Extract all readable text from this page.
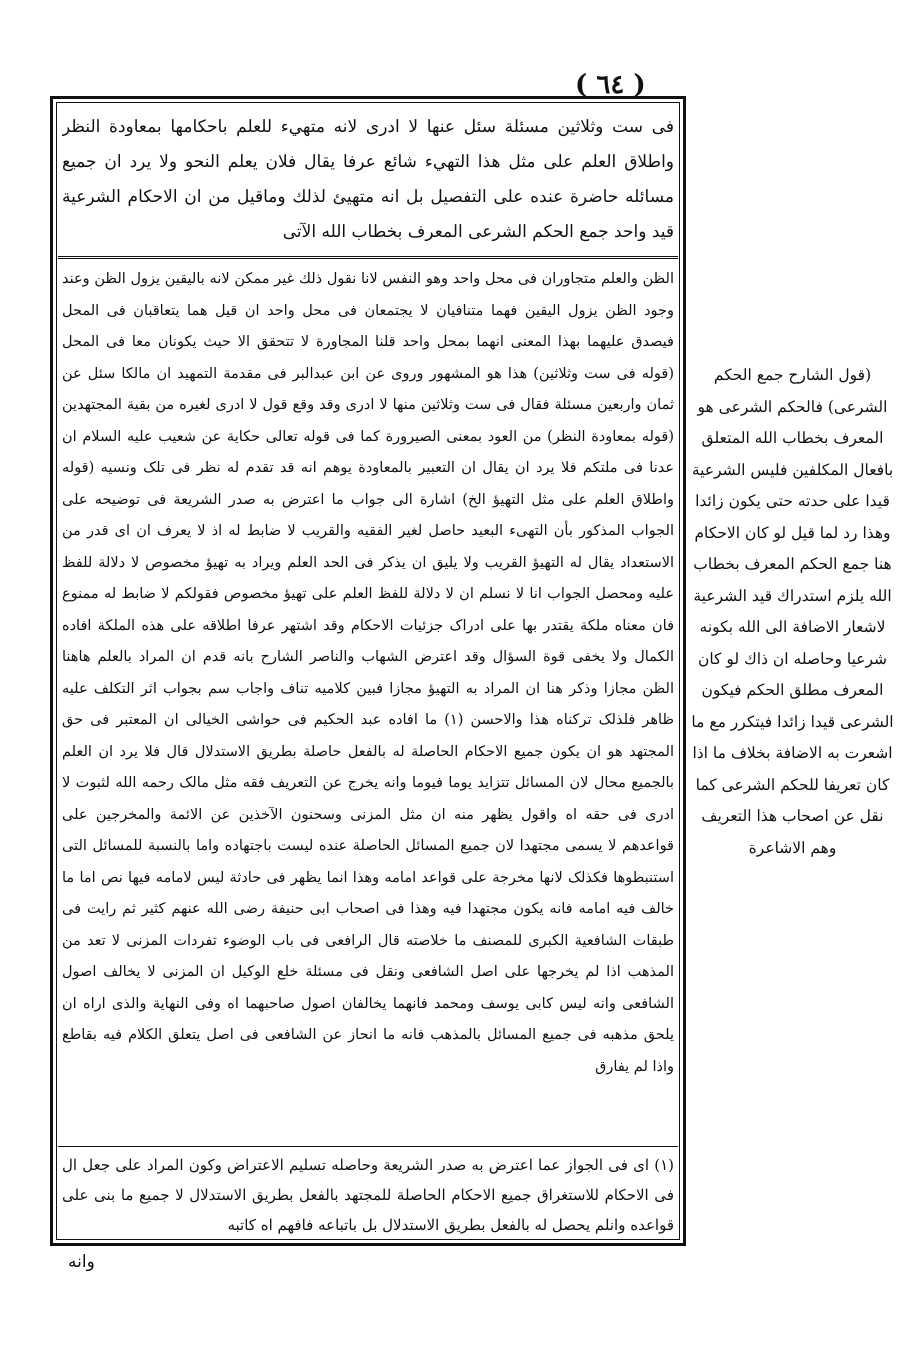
( ٦٤ )

فى ست وثلاثين مسئلة سئل عنها لا ادرى لانه متهيء للعلم باحكامها بمعاودة النظر واطلاق العلم على مثل هذا التهيء شائع عرفا يقال فلان يعلم النحو ولا يرد ان جميع مسائله حاضرة عنده على التفصيل بل انه متهيئ لذلك وماقيل من ان الاحكام الشرعية قيد واحد جمع الحكم الشرعى المعرف بخطاب الله الآتى

الظن والعلم متجاوران فى محل واحد وهو النفس لانا نقول ذلك غير ممكن لانه بالیقین یزول الظن وعند وجود الظن یزول الیقین فهما متنافیان لا یجتمعان فی محل واحد ان قیل هما یتعاقبان فی المحل فیصدق علیهما بهذا المعنی انهما بمحل واحد قلنا المجاورة لا تتحقق الا حیث یکونان معا فی المحل (قوله فی ست وثلاثین) هذا هو المشهور وروی عن ابن عبدالبر فی مقدمة التمهید ان مالکا سئل عن ثمان واربعین مسئلة فقال فی ست وثلاثین منها لا ادری وقد وقع قول لا ادری لغیره من بقیة المجتهدین (قوله بمعاودة النظر) من العود بمعنی الصیرورة کما فی قوله تعالی حکایة عن شعیب علیه السلام ان عدنا فی ملتکم فلا یرد ان یقال ان التعبیر بالمعاودة یوهم انه قد تقدم له نظر فی تلک ونسیه (قوله واطلاق العلم علی مثل التهیؤ الخ) اشارة الی جواب ما اعترض به صدر الشریعة فی توضیحه علی الجواب المذکور بأن التهیء البعید حاصل لغیر الفقیه والقریب لا ضابط له اذ لا یعرف ان ای قدر من الاستعداد یقال له التهیؤ القریب ولا یلیق ان یذکر فی الحد العلم ویراد به تهیؤ مخصوص لا دلالة للفظ علیه ومحصل الجواب انا لا نسلم ان لا دلالة للفظ العلم علی تهیؤ مخصوص فقولکم لا ضابط له ممنوع فان معناه ملکة یقتدر بها علی ادراک جزئیات الاحکام وقد اشتهر عرفا اطلاقه علی هذه الملکة افاده الکمال ولا یخفی قوة السؤال وقد اعترض الشهاب والناصر الشارح بانه قدم ان المراد بالعلم هاهنا الظن مجازا وذکر هنا ان المراد به التهیؤ مجازا فبین کلامیه تناف واجاب سم بجواب اثر التکلف علیه ظاهر فلذلک ترکناه هذا والاحسن (١) ما افاده عبد الحکیم فی حواشی الخیالی ان المعتبر فی حق المجتهد هو ان یکون جمیع الاحکام الحاصلة له بالفعل حاصلة بطریق الاستدلال قال فلا یرد ان العلم بالجمیع محال لان المسائل تتزاید یوما فیوما وانه یخرج عن التعریف فقه مثل مالک رحمه الله لثبوت لا ادری فی حقه اه واقول یظهر منه ان مثل المزنی وسحنون الآخذین عن الائمة والمخرجین علی قواعدهم لا یسمی مجتهدا لان جمیع المسائل الحاصلة عنده لیست باجتهاده واما بالنسبة للمسائل التی استنبطوها فکذلک لانها مخرجة علی قواعد امامه وهذا انما یظهر فی حادثة لیس لامامه فیها نص اما ما خالف فیه امامه فانه یکون مجتهدا فیه وهذا فی اصحاب ابی حنیفة رضی الله عنهم کثیر ثم رایت فی طبقات الشافعیة الکبری للمصنف ما خلاصته قال الرافعی فی باب الوضوء تفردات المزنی لا تعد من المذهب اذا لم یخرجها علی اصل الشافعی ونقل فی مسئلة خلع الوکیل ان المزنی لا یخالف اصول الشافعی وانه لیس کابی یوسف ومحمد فانهما یخالفان اصول صاحبهما اه وفی النهایة والذی اراه ان یلحق مذهبه فی جمیع المسائل بالمذهب فانه ما انحاز عن الشافعی فی اصل یتعلق الکلام فیه بقاطع واذا لم یفارق

(١) اى فى الجواز عما اعترض به صدر الشريعة وحاصله تسليم الاعتراض وكون المراد على جعل ال فى الاحكام للاستغراق جميع الاحكام الحاصلة للمجتهد بالفعل بطريق الاستدلال لا جميع ما بنى على قواعده وانلم يحصل له بالفعل بطريق الاستدلال بل باتباعه فافهم اه كاتبه

(قول الشارح جمع الحكم الشرعى) فالحكم الشرعى هو المعرف بخطاب الله المتعلق بافعال المكلفين فليس الشرعية قيدا على حدته حتى يكون زائدا وهذا رد لما قيل لو كان الاحكام هنا جمع الحكم المعرف بخطاب الله يلزم استدراك قيد الشرعية لاشعار الاضافة الى الله بكونه شرعيا وحاصله ان ذاك لو كان المعرف مطلق الحكم فيكون الشرعى قيدا زائدا فيتكرر مع ما اشعرت به الاضافة بخلاف ما اذا كان تعريفا للحكم الشرعى كما نقل عن اصحاب هذا التعريف وهم الاشاعرة

وانه
